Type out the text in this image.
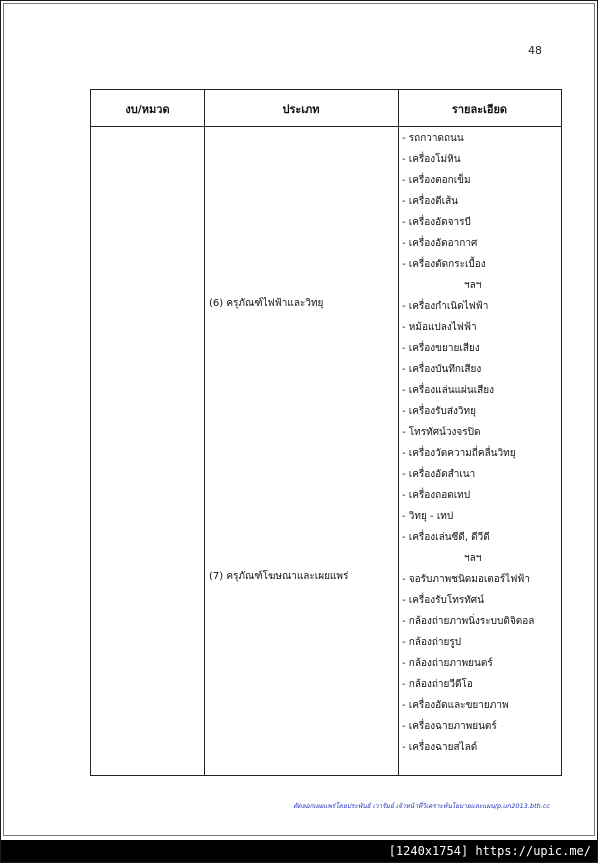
48
งบ/หมวด	ประเภท	รายละเอียด
(6) ครุภัณฑ์ไฟฟ้าและวิทยุ
(7) ครุภัณฑ์โฆษณาและเผยแพร่
- รถกวาดถนน
- เครื่องโม่หิน
- เครื่องตอกเข็ม
- เครื่องตีเส้น
- เครื่องอัดจารบี
- เครื่องอัดอากาศ
- เครื่องตัดกระเบื้อง
ฯลฯ
- เครื่องกำเนิดไฟฟ้า
- หม้อแปลงไฟฟ้า
- เครื่องขยายเสียง
- เครื่องบันทึกเสียง
- เครื่องแล่นแผ่นเสียง
- เครื่องรับส่งวิทยุ
- โทรทัศน์วงจรปิด
- เครื่องวัดความถี่คลื่นวิทยุ
- เครื่องอัดสำเนา
- เครื่องถอดเทป
- วิทยุ - เทป
- เครื่องเล่นซีดี, ดีวีดี
ฯลฯ
- จอรับภาพชนิดมอเตอร์ไฟฟ้า
- เครื่องรับโทรทัศน์
- กล้องถ่ายภาพนิ่งระบบดิจิตอล
- กล้องถ่ายรูป
- กล้องถ่ายภาพยนตร์
- กล้องถ่ายวีดีโอ
- เครื่องอัดและขยายภาพ
- เครื่องฉายภาพยนตร์
- เครื่องฉายสไลด์
คัดลอกเผยแพร่โดยประพันธ์ เวารัมย์ เจ้าหน้าที่วิเคราะห์นโยบายและแผน/p.un2013.bth.cc
[1240x1754] https://upic.me/
